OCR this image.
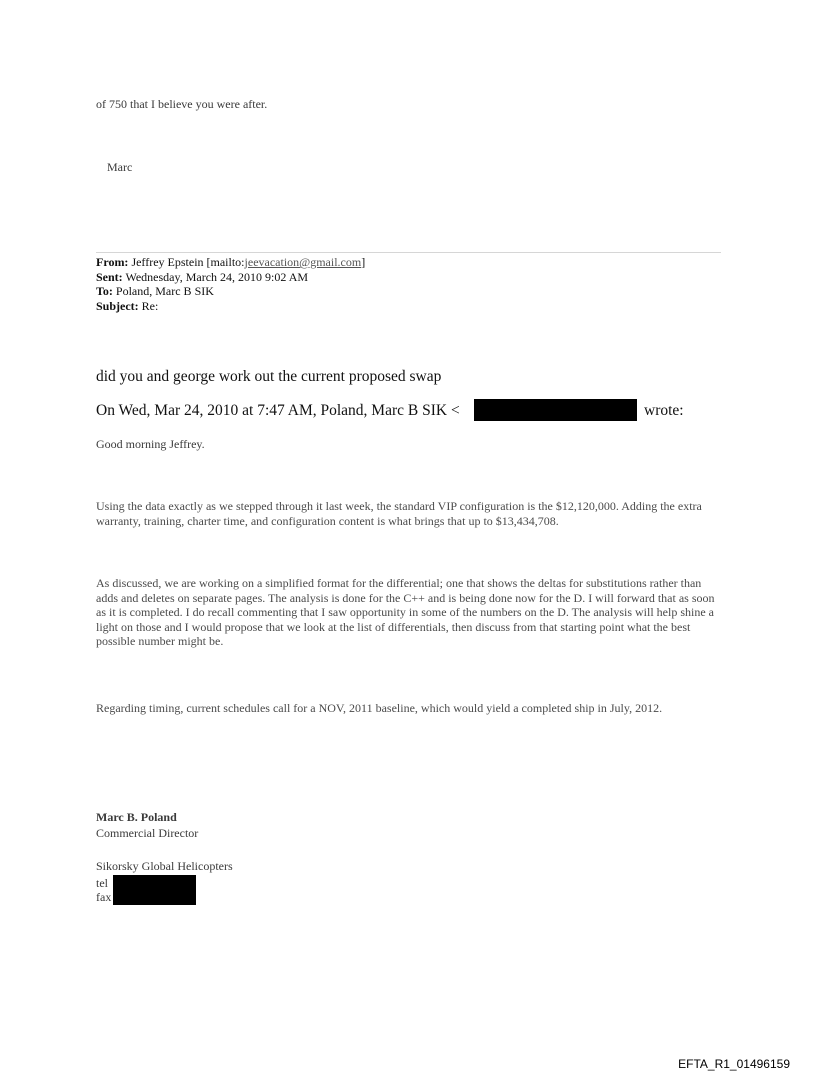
of 750 that I believe you were after.
Marc
From: Jeffrey Epstein [mailto:jeevacation@gmail.com]
Sent: Wednesday, March 24, 2010 9:02 AM
To: Poland, Marc B SIK
Subject: Re:
did you and george work out the current proposed swap
On Wed, Mar 24, 2010 at 7:47 AM, Poland, Marc B SIK <	wrote:
Good morning Jeffrey.
Using the data exactly as we stepped through it last week, the standard VIP configuration is the $12,120,000. Adding the extra warranty, training, charter time, and configuration content is what brings that up to $13,434,708.
As discussed, we are working on a simplified format for the differential; one that shows the deltas for substitutions rather than adds and deletes on separate pages. The analysis is done for the C++ and is being done now for the D. I will forward that as soon as it is completed. I do recall commenting that I saw opportunity in some of the numbers on the D. The analysis will help shine a light on those and I would propose that we look at the list of differentials, then discuss from that starting point what the best possible number might be.
Regarding timing, current schedules call for a NOV, 2011 baseline, which would yield a completed ship in July, 2012.
Marc B. Poland
Commercial Director
Sikorsky Global Helicopters
tel
fax
EFTA_R1_01496159
